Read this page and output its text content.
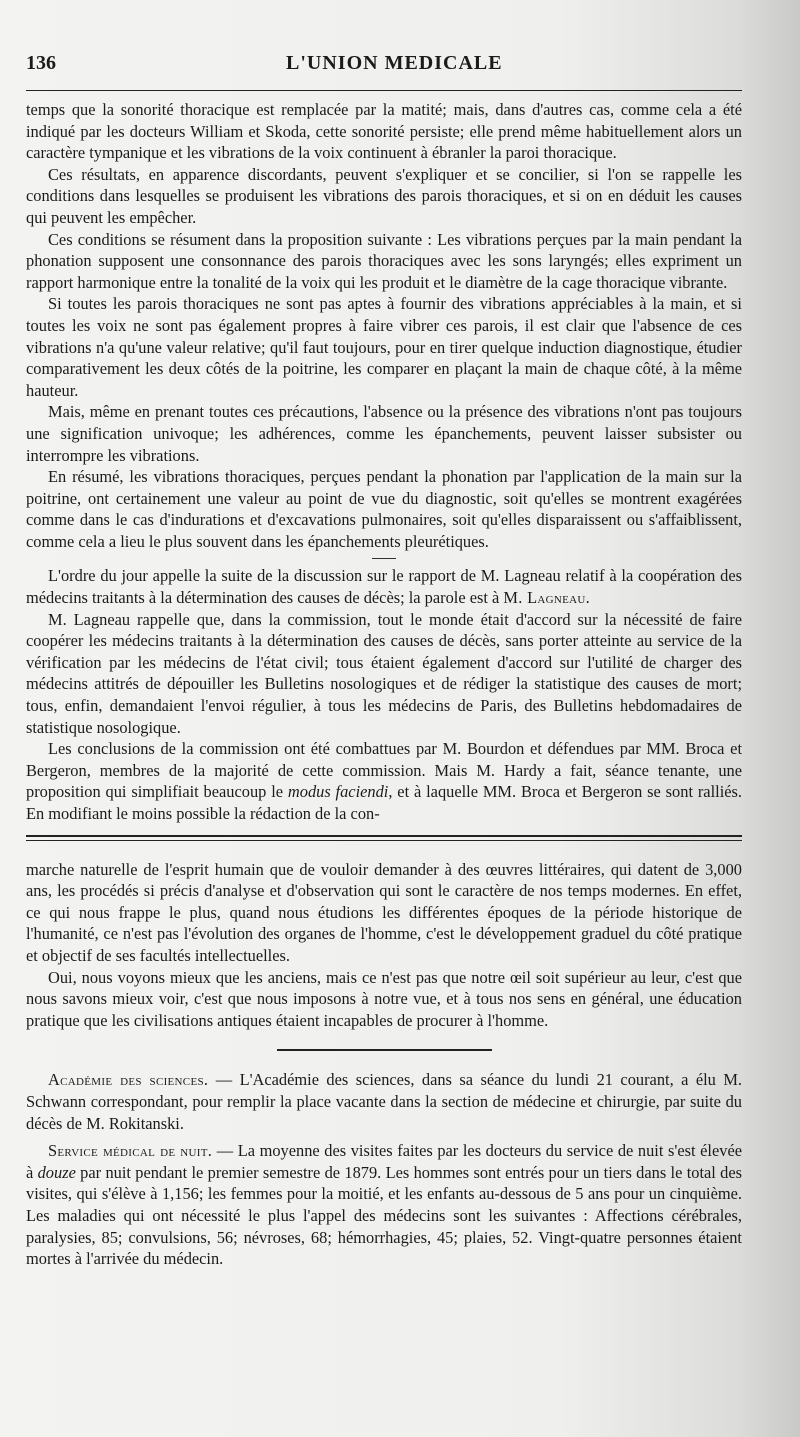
136	L'UNION MEDICALE

temps que la sonorité thoracique est remplacée par la matité; mais, dans d'autres cas, comme cela a été indiqué par les docteurs William et Skoda, cette sonorité persiste; elle prend même habituellement alors un caractère tympanique et les vibrations de la voix continuent à ébranler la paroi thoracique.

Ces résultats, en apparence discordants, peuvent s'expliquer et se concilier, si l'on se rappelle les conditions dans lesquelles se produisent les vibrations des parois thoraciques, et si on en déduit les causes qui peuvent les empêcher.

Ces conditions se résument dans la proposition suivante : Les vibrations perçues par la main pendant la phonation supposent une consonnance des parois thoraciques avec les sons laryngés; elles expriment un rapport harmonique entre la tonalité de la voix qui les produit et le diamètre de la cage thoracique vibrante.

Si toutes les parois thoraciques ne sont pas aptes à fournir des vibrations appréciables à la main, et si toutes les voix ne sont pas également propres à faire vibrer ces parois, il est clair que l'absence de ces vibrations n'a qu'une valeur relative; qu'il faut toujours, pour en tirer quelque induction diagnostique, étudier comparativement les deux côtés de la poitrine, les comparer en plaçant la main de chaque côté, à la même hauteur.

Mais, même en prenant toutes ces précautions, l'absence ou la présence des vibrations n'ont pas toujours une signification univoque; les adhérences, comme les épanchements, peuvent laisser subsister ou interrompre les vibrations.

En résumé, les vibrations thoraciques, perçues pendant la phonation par l'application de la main sur la poitrine, ont certainement une valeur au point de vue du diagnostic, soit qu'elles se montrent exagérées comme dans le cas d'indurations et d'excavations pulmonaires, soit qu'elles disparaissent ou s'affaiblissent, comme cela a lieu le plus souvent dans les épanchements pleurétiques.

L'ordre du jour appelle la suite de la discussion sur le rapport de M. Lagneau relatif à la coopération des médecins traitants à la détermination des causes de décès; la parole est à M. Lagneau.

M. Lagneau rappelle que, dans la commission, tout le monde était d'accord sur la nécessité de faire coopérer les médecins traitants à la détermination des causes de décès, sans porter atteinte au service de la vérification par les médecins de l'état civil; tous étaient également d'accord sur l'utilité de charger des médecins attitrés de dépouiller les Bulletins nosologiques et de rédiger la statistique des causes de mort; tous, enfin, demandaient l'envoi régulier, à tous les médecins de Paris, des Bulletins hebdomadaires de statistique nosologique.

Les conclusions de la commission ont été combattues par M. Bourdon et défendues par MM. Broca et Bergeron, membres de la majorité de cette commission. Mais M. Hardy a fait, séance tenante, une proposition qui simplifiait beaucoup le modus faciendi, et à laquelle MM. Broca et Bergeron se sont ralliés. En modifiant le moins possible la rédaction de la con-

marche naturelle de l'esprit humain que de vouloir demander à des œuvres littéraires, qui datent de 3,000 ans, les procédés si précis d'analyse et d'observation qui sont le caractère de nos temps modernes. En effet, ce qui nous frappe le plus, quand nous étudions les différentes époques de la période historique de l'humanité, ce n'est pas l'évolution des organes de l'homme, c'est le développement graduel du côté pratique et objectif de ses facultés intellectuelles.

Oui, nous voyons mieux que les anciens, mais ce n'est pas que notre œil soit supérieur au leur, c'est que nous savons mieux voir, c'est que nous imposons à notre vue, et à tous nos sens en général, une éducation pratique que les civilisations antiques étaient incapables de procurer à l'homme.

Académie des sciences. — L'Académie des sciences, dans sa séance du lundi 21 courant, a élu M. Schwann correspondant, pour remplir la place vacante dans la section de médecine et chirurgie, par suite du décès de M. Rokitanski.

Service médical de nuit. — La moyenne des visites faites par les docteurs du service de nuit s'est élevée à douze par nuit pendant le premier semestre de 1879. Les hommes sont entrés pour un tiers dans le total des visites, qui s'élève à 1,156; les femmes pour la moitié, et les enfants au-dessous de 5 ans pour un cinquième. Les maladies qui ont nécessité le plus l'appel des médecins sont les suivantes : Affections cérébrales, paralysies, 85; convulsions, 56; névroses, 68; hémorrhagies, 45; plaies, 52. Vingt-quatre personnes étaient mortes à l'arrivée du médecin.
